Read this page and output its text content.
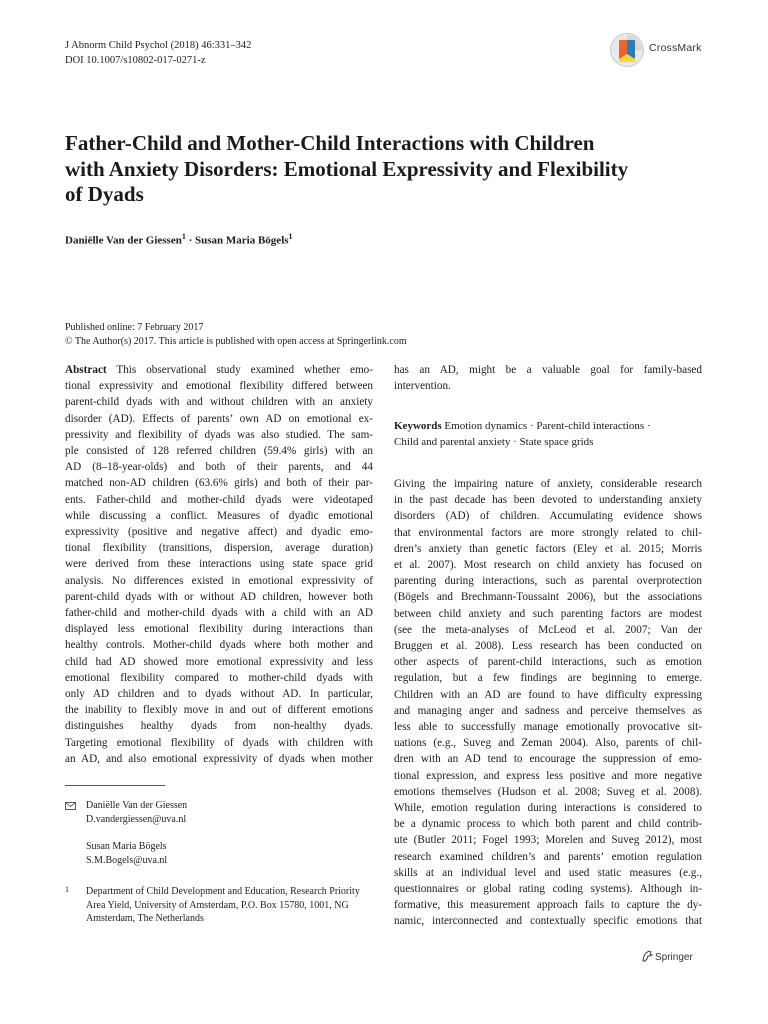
J Abnorm Child Psychol (2018) 46:331–342
DOI 10.1007/s10802-017-0271-z
CrossMark
Father-Child and Mother-Child Interactions with Children
with Anxiety Disorders: Emotional Expressivity and Flexibility
of Dyads
Daniëlle Van der Giessen$^1$ · Susan Maria Bögels$^1$
Published online: 7 February 2017
© The Author(s) 2017. This article is published with open access at Springerlink.com
Abstract This observational study examined whether emo-
tional expressivity and emotional flexibility differed between
parent-child dyads with and without children with an anxiety
disorder (AD). Effects of parents’ own AD on emotional ex-
pressivity and flexibility of dyads was also studied. The sam-
ple consisted of 128 referred children (59.4% girls) with an
AD (8–18-year-olds) and both of their parents, and 44
matched non-AD children (63.6% girls) and both of their par-
ents. Father-child and mother-child dyads were videotaped
while discussing a conflict. Measures of dyadic emotional
expressivity (positive and negative affect) and dyadic emo-
tional flexibility (transitions, dispersion, average duration)
were derived from these interactions using state space grid
analysis. No differences existed in emotional expressivity of
parent-child dyads with or without AD children, however both
father-child and mother-child dyads with a child with an AD
displayed less emotional flexibility during interactions than
healthy controls. Mother-child dyads where both mother and
child had AD showed more emotional expressivity and less
emotional flexibility compared to mother-child dyads with
only AD children and to dyads without AD. In particular,
the inability to flexibly move in and out of different emotions
distinguishes healthy dyads from non-healthy dyads.
Targeting emotional flexibility of dyads with children with
an AD, and also emotional expressivity of dyads when mother
Daniëlle Van der Giessen
D.vandergiessen@uva.nl
Susan Maria Bögels
S.M.Bogels@uva.nl
1 Department of Child Development and Education, Research Priority
Area Yield, University of Amsterdam, P.O. Box 15780, 1001, NG
Amsterdam, The Netherlands
has an AD, might be a valuable goal for family-based
intervention.
Keywords Emotion dynamics · Parent-child interactions ·
Child and parental anxiety · State space grids
Giving the impairing nature of anxiety, considerable research
in the past decade has been devoted to understanding anxiety
disorders (AD) of children. Accumulating evidence shows
that environmental factors are more strongly related to chil-
dren’s anxiety than genetic factors (Eley et al. 2015; Morris
et al. 2007). Most research on child anxiety has focused on
parenting during interactions, such as parental overprotection
(Bögels and Brechmann-Toussaint 2006), but the associations
between child anxiety and such parenting factors are modest
(see the meta-analyses of McLeod et al. 2007; Van der
Bruggen et al. 2008). Less research has been conducted on
other aspects of parent-child interactions, such as emotion
regulation, but a few findings are beginning to emerge.
Children with an AD are found to have difficulty expressing
and managing anger and sadness and perceive themselves as
less able to successfully manage emotionally provocative sit-
uations (e.g., Suveg and Zeman 2004). Also, parents of chil-
dren with an AD tend to encourage the suppression of emo-
tional expression, and express less positive and more negative
emotions themselves (Hudson et al. 2008; Suveg et al. 2008).
While, emotion regulation during interactions is considered to
be a dynamic process to which both parent and child contrib-
ute (Butler 2011; Fogel 1993; Morelen and Suveg 2012), most
research examined children’s and parents’ emotion regulation
skills at an individual level and used static measures (e.g.,
questionnaires or global rating coding systems). Although in-
formative, this measurement approach fails to capture the dy-
namic, interconnected and contextually specific emotions that
Springer
